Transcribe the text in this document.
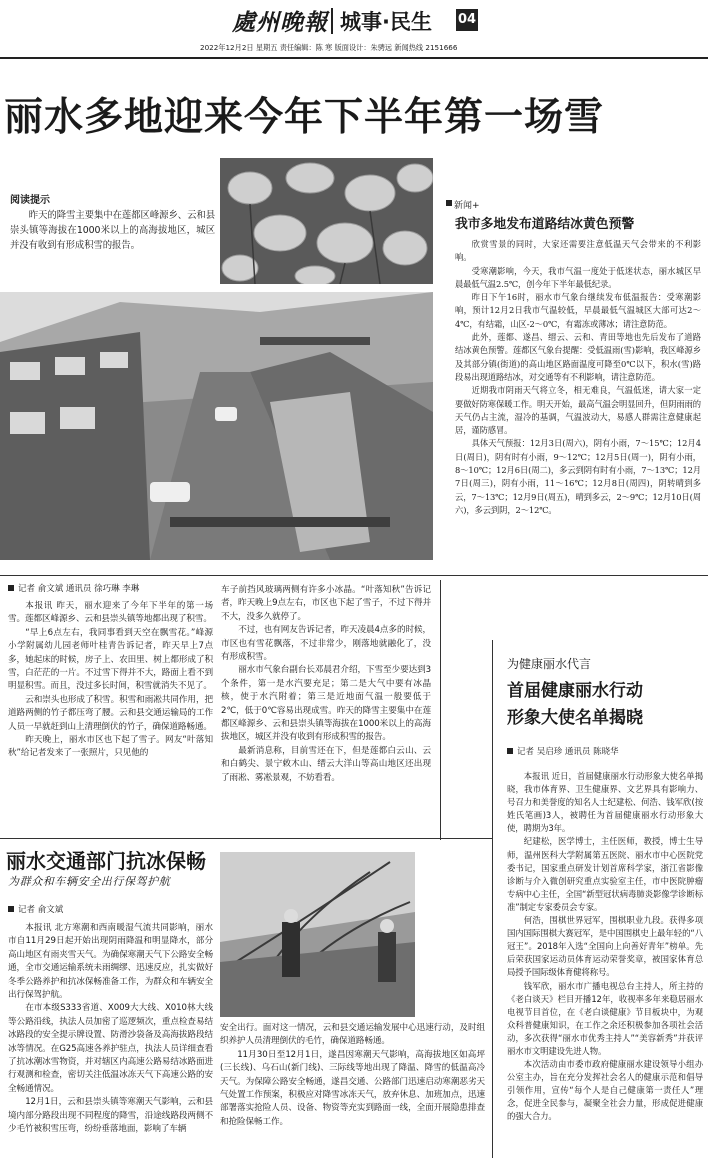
處州晚報 城事·民生 04
2022年12月2日 星期五 责任编辑：陈 寒 版面设计：朱骋远 新闻热线 2151666
丽水多地迎来今年下半年第一场雪
阅读提示
昨天的降雪主要集中在莲都区峰源乡、云和县崇头镇等海拔在1000米以上的高海拔地区，城区并没有收到有形成积雪的报告。
新闻+
我市多地发布道路结冰黄色预警

欣赏雪景的同时，大家还需要注意低温天气会带来的不利影响。

受寒潮影响，今天，我市气温一度处于低迷状态，丽水城区早晨最低气温2.5℃，创今年下半年最低纪录。

昨日下午16时，丽水市气象台继续发布低温报告：受寒潮影响，预计12月2日我市气温较低，早晨最低气温城区大部可达2～4℃，有结霜，山区-2～0℃，有霜冻或薄冰；请注意防范。

此外，莲都、遂昌、缙云、云和、青田等地也先后发布了道路结冰黄色预警。莲都区气象台提醒：受低温雨(雪)影响，我区峰源乡及其部分镇(街道)的高山地区路面温度可降至0℃以下，积水(雪)路段易出现道路结冰，对交通等有不利影响，请注意防范。

近期我市阴雨天气将立冬，相无难良，气温低迷，请大家一定要做好防寒保暖工作。明天开始，最高气温会明显回升，但阴雨雨的天气仍占主流，湿冷的基调，气温波动大，易感人群需注意健康起居，谨防感冒。

具体天气预报：12月3日(周六)，阴有小雨，7～15℃；12月4日(周日)，阴有时有小雨，9～12℃；12月5日(周一)，阴有小雨，8～10℃；12月6日(周二)，多云到阴有时有小雨，7～13℃；12月7日(周三)，阴有小雨，11～16℃；12月8日(周四)，阴转晴到多云，7～13℃；12月9日(周五)，晴到多云，2～9℃；12月10日(周六)，多云到阴，2～12℃。

记者 俞文斌 通讯员 徐巧琳 李琳

本报讯 昨天，丽水迎来了今年下半年的第一场雪。莲都区峰源乡、云和县崇头镇等地都出现了积雪。

“早上6点左右，我同事看到天空在飘雪花。”峰源小学附属幼儿园老师叶桂青告诉记者，昨天早上7点多，她起床的时候，房子上、农田里、树上都形成了积雪，白茫茫的一片。不过雪下得并不大，路面上看不到明显积雪。而且，没过多长时间，积雪就消失不见了。

云和崇头也形成了积雪。积雪和雨凇共同作用，把道路两侧的竹子都压弯了腰。云和县交通运输局的工作人员一早就赶到山上清理倒伏的竹子，确保道路畅通。

昨天晚上，丽水市区也下起了雪子。网友“叶落知秋”给记者发来了一张照片，只见他的

车子前挡风玻璃两侧有许多小冰晶。“叶落知秋”告诉记者，昨天晚上9点左右，市区也下起了雪子，不过下得并不大，没多久就停了。

不过，也有网友告诉记者，昨天凌晨4点多的时候，市区也有雪花飘落，不过非常少，刚落地就融化了，没有形成积雪。

丽水市气象台副台长邓晨君介绍，下雪至少要达到3个条件，第一是水汽要充足；第二是大气中要有冰晶核，使于水汽附着；第三是近地面气温一般要低于2℃，低于0℃容易出现成雪。昨天的降雪主要集中在莲都区峰源乡、云和县崇头镇等海拔在1000米以上的高海拔地区，城区并没有收到有形成积雪的报告。

最新消息称，目前雪还在下，但是莲都白云山、云和白鹤尖、景宁敕木山、缙云大洋山等高山地区还出现了雨凇、雾凇景观，不妨看看。

丽水交通部门抗冰保畅
为群众和车辆安全出行保驾护航
记者 俞文斌

本报讯 北方寒潮和西南暖湿气流共同影响，丽水市自11月29日起开始出现阴雨降温和明显降水，部分高山地区有雨夹雪天气。为确保寒潮天气下公路安全畅通，全市交通运输系统未雨绸缪、迅速反应，扎实做好冬季公路养护和抗冰保畅准备工作，为群众和车辆安全出行保驾护航。

在市本级S333省道、X009大大线、X010林大线等公路沿线，执法人员加密了巡逻频次，重点检查易结冰路段的安全提示牌设置、防滑沙袋备及高海拔路段结冰等情况。在G25高速各养护驻点，执法人员详细查看了抗冰潮冰雪物资，并对辖区内高速公路易结冰路面进行观测和检查，密切关注低温冰冻天气下高速公路的安全畅通情况。

12月1日，云和县崇头镇等寒潮天气影响，云和县境内部分路段出现不同程度的降雪，沿途线路段两侧不少毛竹被积雪压弯，纷纷垂落地面，影响了车辆

安全出行。面对这一情况，云和县交通运输发展中心迅速行动，及时组织养护人员清理倒伏的毛竹，确保道路畅通。

11月30日至12月1日，遂昌因寒潮天气影响，高海拔地区如高坪(三长线)、乌石山(新门线)、三际线等地出现了降温、降雪的低温高冷天气。为保障公路安全畅通，遂昌交通、公路部门迅速启动寒潮恶劣天气处置工作预案，积极应对降雪冰冻天气，放弃休息、加班加点，迅速部署落实抢险人员、设备、物资等充实到路面一线，全面开展隐患排查和抢险保畅工作。

为健康丽水代言
首届健康丽水行动
形象大使名单揭晓
记者 吴启珍 通讯员 陈晓华

本报讯 近日，首届健康丽水行动形象大使名单揭晓，我市体育界、卫生健康界、文艺界具有影响力、号召力和美誉度的知名人士纪建松、何浩、钱军欣(按姓氏笔画)3人，被聘任为首届健康丽水行动形象大使，聘期为3年。

纪建松，医学博士，主任医师，教授，博士生导师，温州医科大学附属第五医院、丽水市中心医院党委书记，国家重点研发计划首席科学家，浙江省影像诊断与介入微创研究重点实验室主任，市中医院肿瘤专病中心主任，全国“新型冠状病毒肺炎影像学诊断标准”制定专家委员会专家。

何浩，围棋世界冠军，围棋职业九段。获得多项国内国际围棋大赛冠军，是中国围棋史上最年轻的“八冠王”。2018年入选“全国向上向善好青年”榜单。先后荣获国家运动员体育运动荣誉奖章，被国家体育总局授予国际级体育健将称号。

钱军欣，丽水市广播电视总台主持人，所主持的《老白谈天》栏目开播12年，收视率多年来稳居丽水电视节目首位，在《老白谈健康》节目板块中，为观众科普健康知识，在工作之余还积极参加各项社会活动，多次获得“丽水市优秀主持人”“美容新秀”并获评丽水市文明建设先进人物。

本次活动由市委市政府健康丽水建设领导小组办公室主办，旨在充分发挥社会名人的健康示范和倡导引领作用，宣传“每个人是自己健康第一责任人”理念，促进全民参与，凝聚全社会力量，形成促进健康的强大合力。
